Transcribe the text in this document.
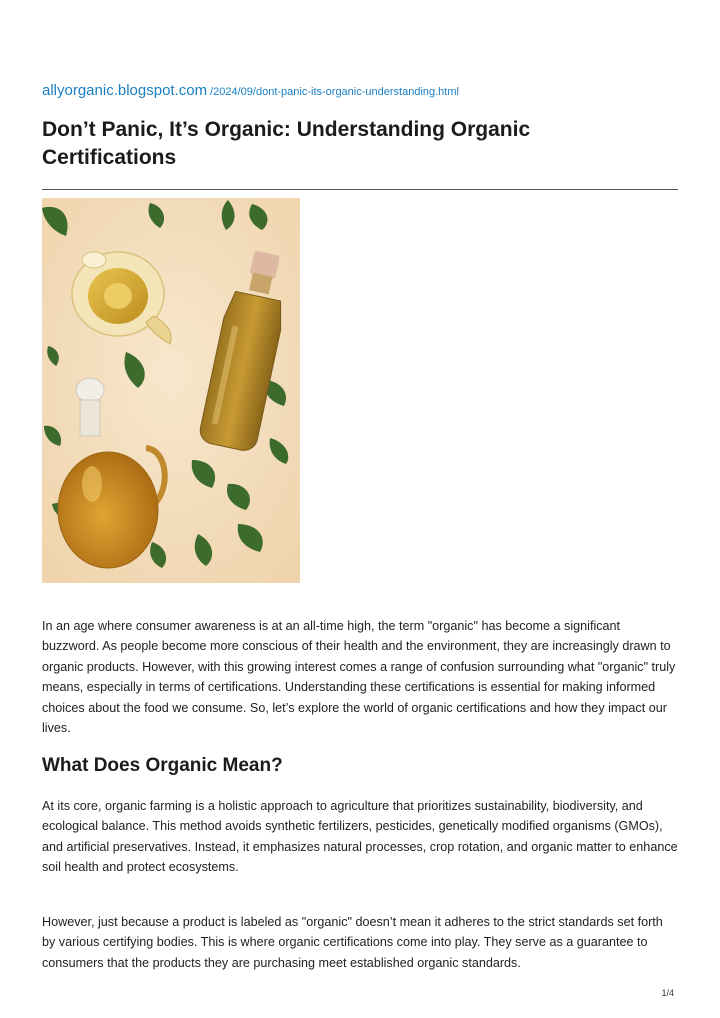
allyorganic.blogspot.com /2024/09/dont-panic-its-organic-understanding.html
Don’t Panic, It’s Organic: Understanding Organic Certifications

In an age where consumer awareness is at an all-time high, the term "organic" has become a significant buzzword. As people become more conscious of their health and the environment, they are increasingly drawn to organic products. However, with this growing interest comes a range of confusion surrounding what "organic" truly means, especially in terms of certifications. Understanding these certifications is essential for making informed choices about the food we consume. So, let’s explore the world of organic certifications and how they impact our lives.

What Does Organic Mean?

At its core, organic farming is a holistic approach to agriculture that prioritizes sustainability, biodiversity, and ecological balance. This method avoids synthetic fertilizers, pesticides, genetically modified organisms (GMOs), and artificial preservatives. Instead, it emphasizes natural processes, crop rotation, and organic matter to enhance soil health and protect ecosystems.

However, just because a product is labeled as "organic" doesn’t mean it adheres to the strict standards set forth by various certifying bodies. This is where organic certifications come into play. They serve as a guarantee to consumers that the products they are purchasing meet established organic standards.

1/4
